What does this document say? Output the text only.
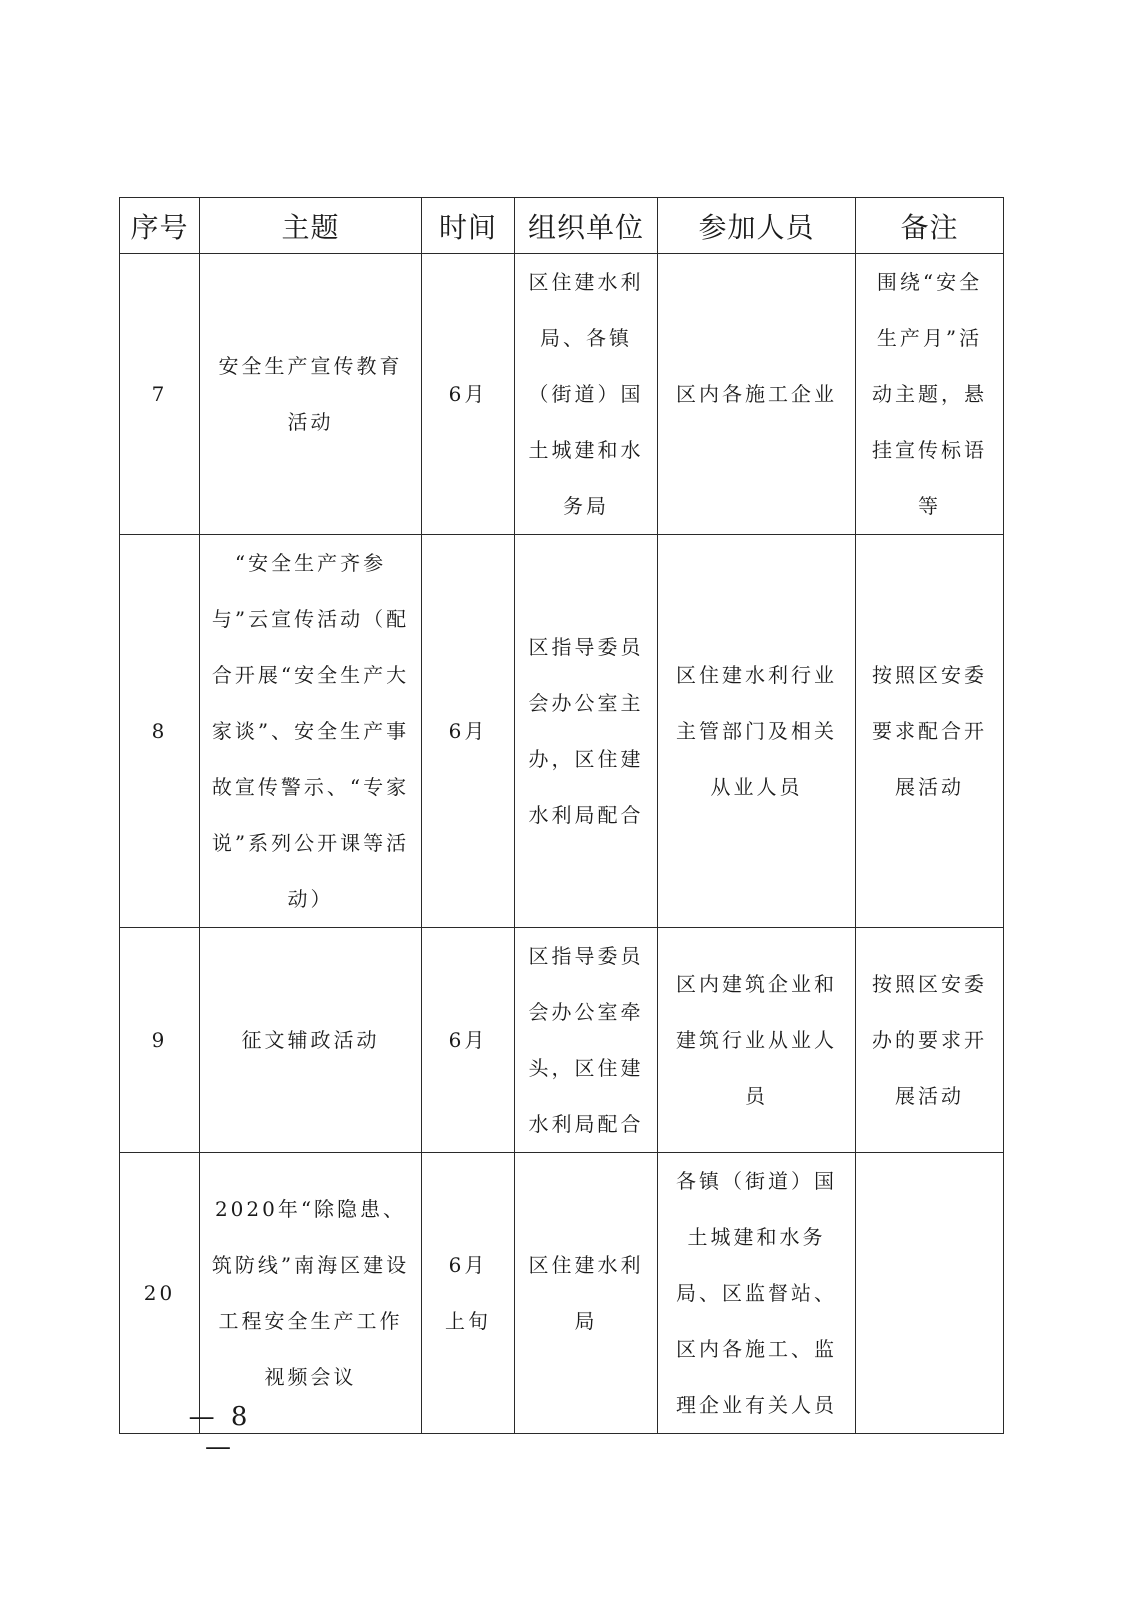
序号	主题	时间	组织单位	参加人员	备注
7	安全生产宣传教育活动	6月	区住建水利局、各镇（街道）国土城建和水务局	区内各施工企业	围绕“安全生产月”活动主题，悬挂宣传标语等
8	“安全生产齐参与”云宣传活动（配合开展“安全生产大家谈”、安全生产事故宣传警示、“专家说”系列公开课等活动）	6月	区指导委员会办公室主办，区住建水利局配合	区住建水利行业主管部门及相关从业人员	按照区安委要求配合开展活动
9	征文辅政活动	6月	区指导委员会办公室牵头，区住建水利局配合	区内建筑企业和建筑行业从业人员	按照区安委办的要求开展活动
20	2020年“除隐患、筑防线”南海区建设工程安全生产工作视频会议	6月上旬	区住建水利局	各镇（街道）国土城建和水务局、区监督站、区内各施工、监理企业有关人员	
— 8 —
